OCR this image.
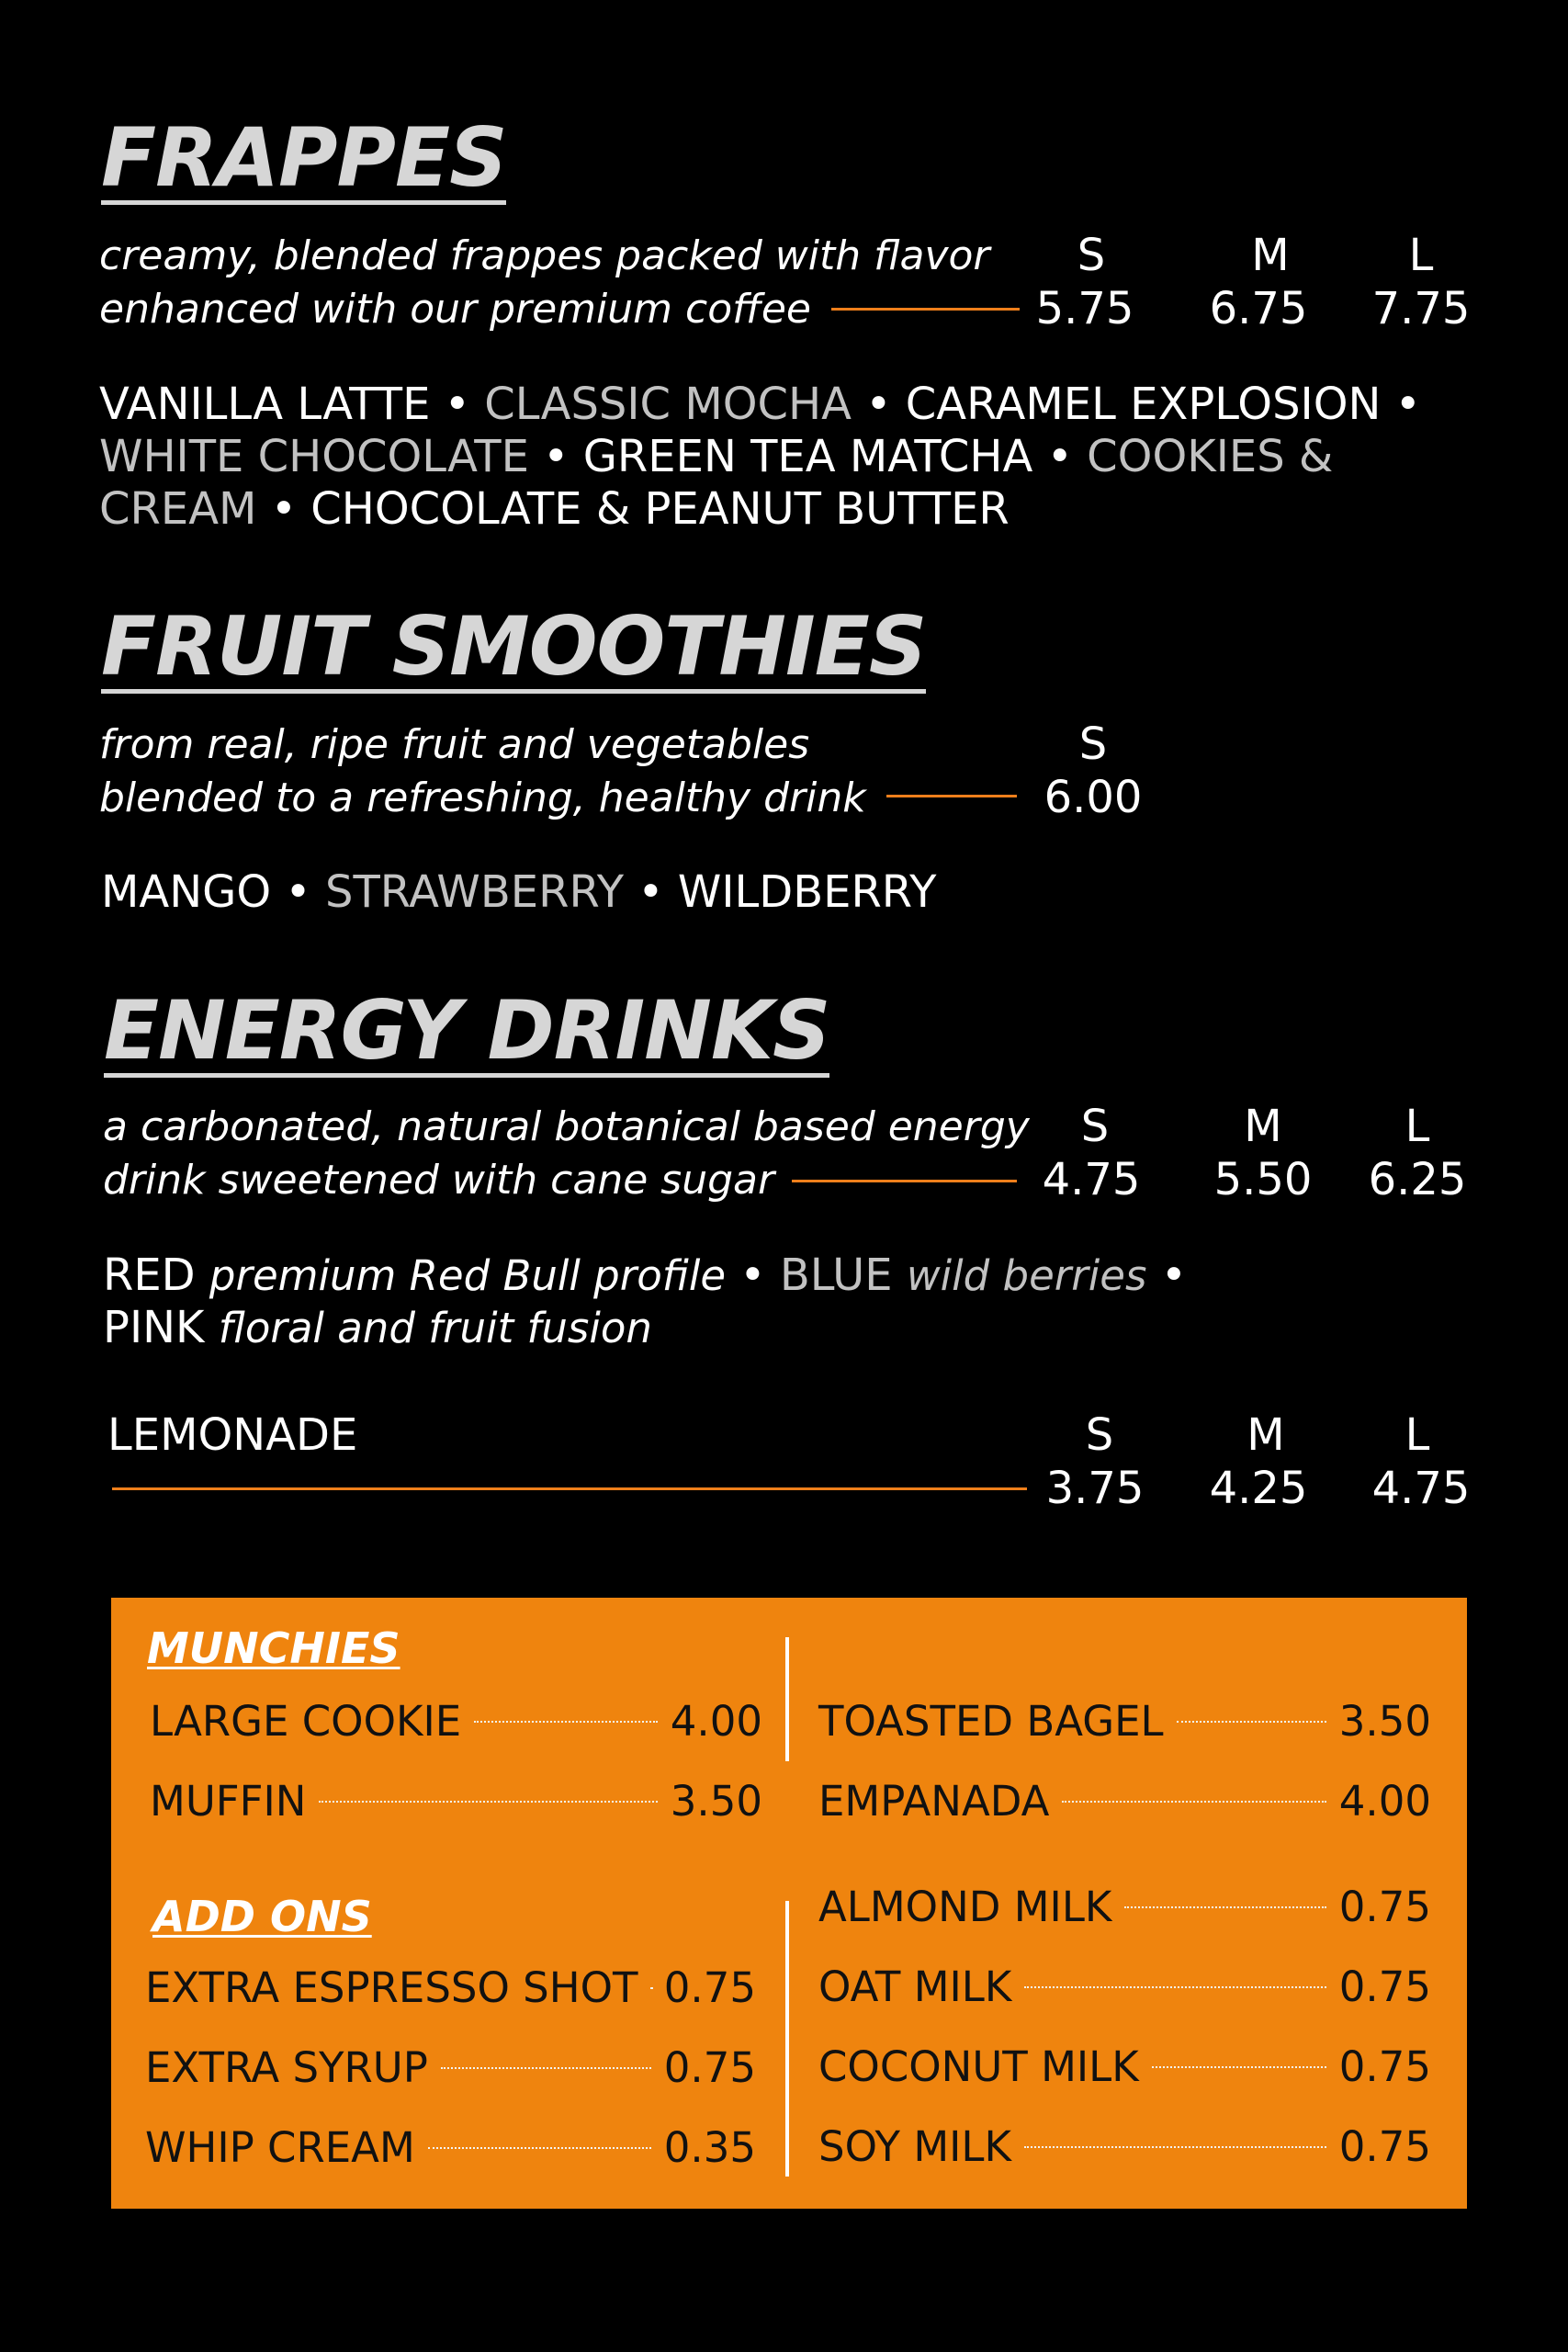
FRAPPES
creamy, blended frappes packed with flavor
enhanced with our premium coffee
S	M	L
5.75	6.75	7.75
VANILLA LATTE • CLASSIC MOCHA • CARAMEL EXPLOSION • WHITE CHOCOLATE • GREEN TEA MATCHA • COOKIES & CREAM • CHOCOLATE & PEANUT BUTTER
FRUIT SMOOTHIES
from real, ripe fruit and vegetables
blended to a refreshing, healthy drink
S
6.00
MANGO • STRAWBERRY • WILDBERRY
ENERGY DRINKS
a carbonated, natural botanical based energy
drink sweetened with cane sugar
S	M	L
4.75	5.50	6.25
RED premium Red Bull profile • BLUE wild berries •
PINK floral and fruit fusion
LEMONADE	S	M	L
3.75	4.25	4.75
MUNCHIES
ADD ONS
LARGE COOKIE	4.00
MUFFIN	3.50
TOASTED BAGEL	3.50
EMPANADA	4.00
EXTRA ESPRESSO SHOT 0.75
EXTRA SYRUP	0.75
WHIP CREAM	0.35
ALMOND MILK	0.75
OAT MILK	0.75
COCONUT MILK	0.75
SOY MILK	0.75
